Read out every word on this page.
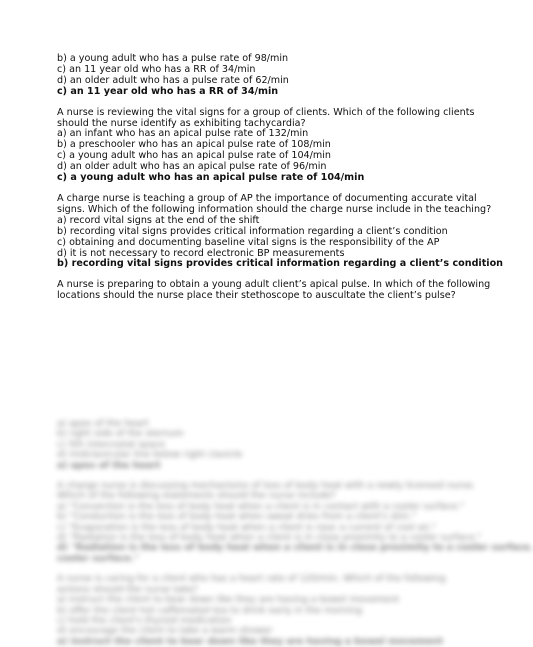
b) a young adult who has a pulse rate of 98/min
c) an 11 year old who has a RR of 34/min
d) an older adult who has a pulse rate of 62/min
c) an 11 year old who has a RR of 34/min
A nurse is reviewing the vital signs for a group of clients. Which of the following clients
should the nurse identify as exhibiting tachycardia?
a) an infant who has an apical pulse rate of 132/min
b) a preschooler who has an apical pulse rate of 108/min
c) a young adult who has an apical pulse rate of 104/min
d) an older adult who has an apical pulse rate of 96/min
c) a young adult who has an apical pulse rate of 104/min
A charge nurse is teaching a group of AP the importance of documenting accurate vital
signs. Which of the following information should the charge nurse include in the teaching?
a) record vital signs at the end of the shift
b) recording vital signs provides critical information regarding a client’s condition
c) obtaining and documenting baseline vital signs is the responsibility of the AP
d) it is not necessary to record electronic BP measurements
b) recording vital signs provides critical information regarding a client’s condition
A nurse is preparing to obtain a young adult client’s apical pulse. In which of the following
locations should the nurse place their stethoscope to auscultate the client’s pulse?
a) apex of the heart
b) right side of the sternum
c) 5th intercostal space
d) midclavicular line below right clavicle
a) apex of the heart
A charge nurse is discussing mechanisms of loss of body heat with a newly licensed nurse.
Which of the following statements should the nurse include?
a) "Convection is the loss of body heat when a client is in contact with a cooler surface."
b) "Conduction is the loss of body heat when sweat dries from a client's skin."
c) "Evaporation is the loss of body heat when a client is near a current of cool air."
d) "Radiation is the loss of body heat when a client is in close proximity to a cooler surface."
d) "Radiation is the loss of body heat when a client is in close proximity to a cooler surface.
cooler surface."
A nurse is caring for a client who has a heart rate of 120/min. Which of the following
actions should the nurse take?
a) instruct the client to bear down like they are having a bowel movement
b) offer the client hot caffeinated tea to drink early in the morning
c) hold the client's thyroid medication
d) encourage the client to take a warm shower
a) instruct the client to bear down like they are having a bowel movement
